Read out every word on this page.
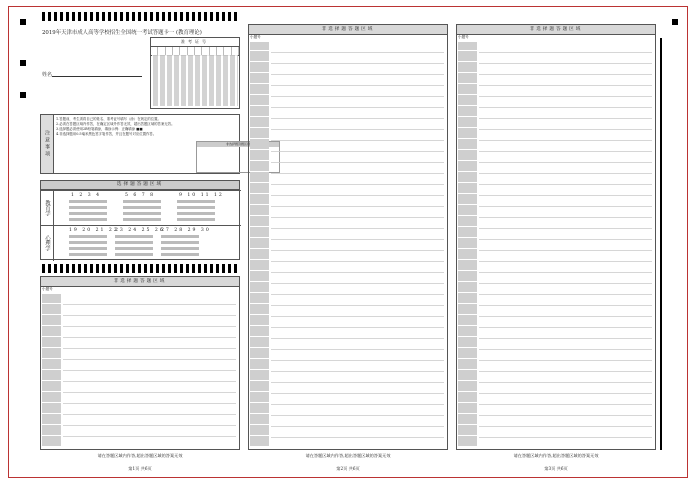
2019年天津市成人高等学校招生全国统一考试答题卡一 (教育理论)
姓名
准考证号
注意事项
1.答题前，考生须将自己的姓名、准考证号填写（涂）在规定的位置。
2.必须在答题区域内作答，在确定区域外作答无效，超出答题区域的答案无效。
3.选择题必须使用2B铅笔填涂，填涂示例：正确填涂 ■■
4.非选择题用0.5毫米黑色签字笔作答，并且在题号对应位置作答。
非选择题答题区域
选择题答题区域
教育学
1 2 3 4	5 6 7 8	9 10 11 12
心理学
19 20 21 22
23 24 25 26
27 28 29 30
非选择题答题区域
小题号
非选择题答题区域
小题号
非选择题答题区域
小题号
请在答题区域内作答,超出答题区域的答案无效
第1页 共6页
请在答题区域内作答,超出答题区域的答案无效
第2页 共6页
请在答题区域内作答,超出答题区域的答案无效
第3页 共6页
